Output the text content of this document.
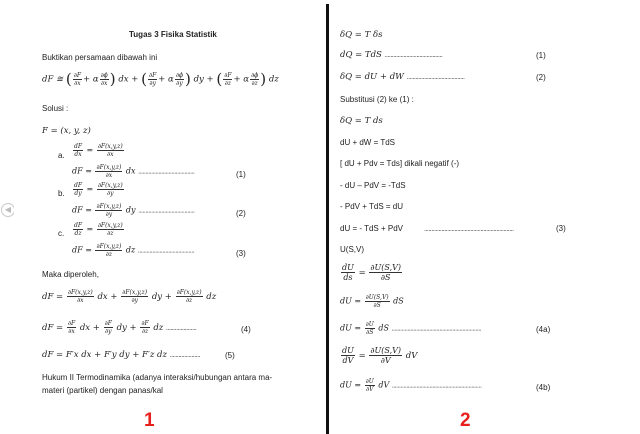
◀
Tugas 3 Fisika Statistik
Buktikan persamaan dibawah ini
dF ≅ ( $\frac{\partial F}{\partial x} + \alpha \frac{\partial\phi}{\partial x}$ ) dx + ( $\frac{\partial F}{\partial y} + \alpha \frac{\partial\phi}{\partial y}$ ) dy + ( $\frac{\partial F}{\partial z} + \alpha \frac{\partial\phi}{\partial z}$ ) dz
Solusi :
F = (x, y, z)
a. $\frac{dF}{dx} = \frac{\partial F(x,y,z)}{\partial x}$
dF = $\frac{\partial F(x,y,z)}{\partial x}$ dx .......................................	(1)
b. $\frac{dF}{dy} = \frac{\partial F(x,y,z)}{\partial y}$
dF = $\frac{\partial F(x,y,z)}{\partial y}$ dy .......................................	(2)
c. $\frac{dF}{dz} = \frac{\partial F(x,y,z)}{\partial z}$
dF = $\frac{\partial F(x,y,z)}{\partial z}$ dz .......................................	(3)
Maka diperoleh,
dF = $\frac{\partial F(x,y,z)}{\partial x}$ dx + $\frac{\partial F(x,y,z)}{\partial y}$ dy + $\frac{\partial F(x,y,z)}{\partial z}$ dz
dF = $\frac{\partial F}{\partial x}$ dx + $\frac{\partial F}{\partial y}$ dy + $\frac{\partial F}{\partial z}$ dz .....................	(4)
dF = F′x dx + F′y dy + F′z dz .....................	(5)
Hukum II Termodinamika (adanya interaksi/hubungan antara ma-
materi (partikel) dengan panas/kal
1
δQ = T δs
dQ = TdS ........................................	(1)
δQ = dU + dW ........................................	(2)
Substitusi (2) ke (1) :
δQ = T ds
dU + dW = TdS
[ dU + Pdv = Tds] dikali negatif (-)
- dU – PdV = -TdS
- PdV + TdS = dU
dU = - TdS + PdV	..............................................................	(3)
U(S,V)
$\frac{dU}{ds} = \frac{\partial U(S,V)}{\partial S}$
dU = $\frac{\partial U(S,V)}{\partial S}$ dS
dU = $\frac{\partial U}{\partial S}$ dS ..............................................................	(4a)
$\frac{dU}{dV} = \frac{\partial U(S,V)}{\partial V}$ dV
dU = $\frac{\partial U}{\partial V}$ dV ..............................................................	(4b)
2
